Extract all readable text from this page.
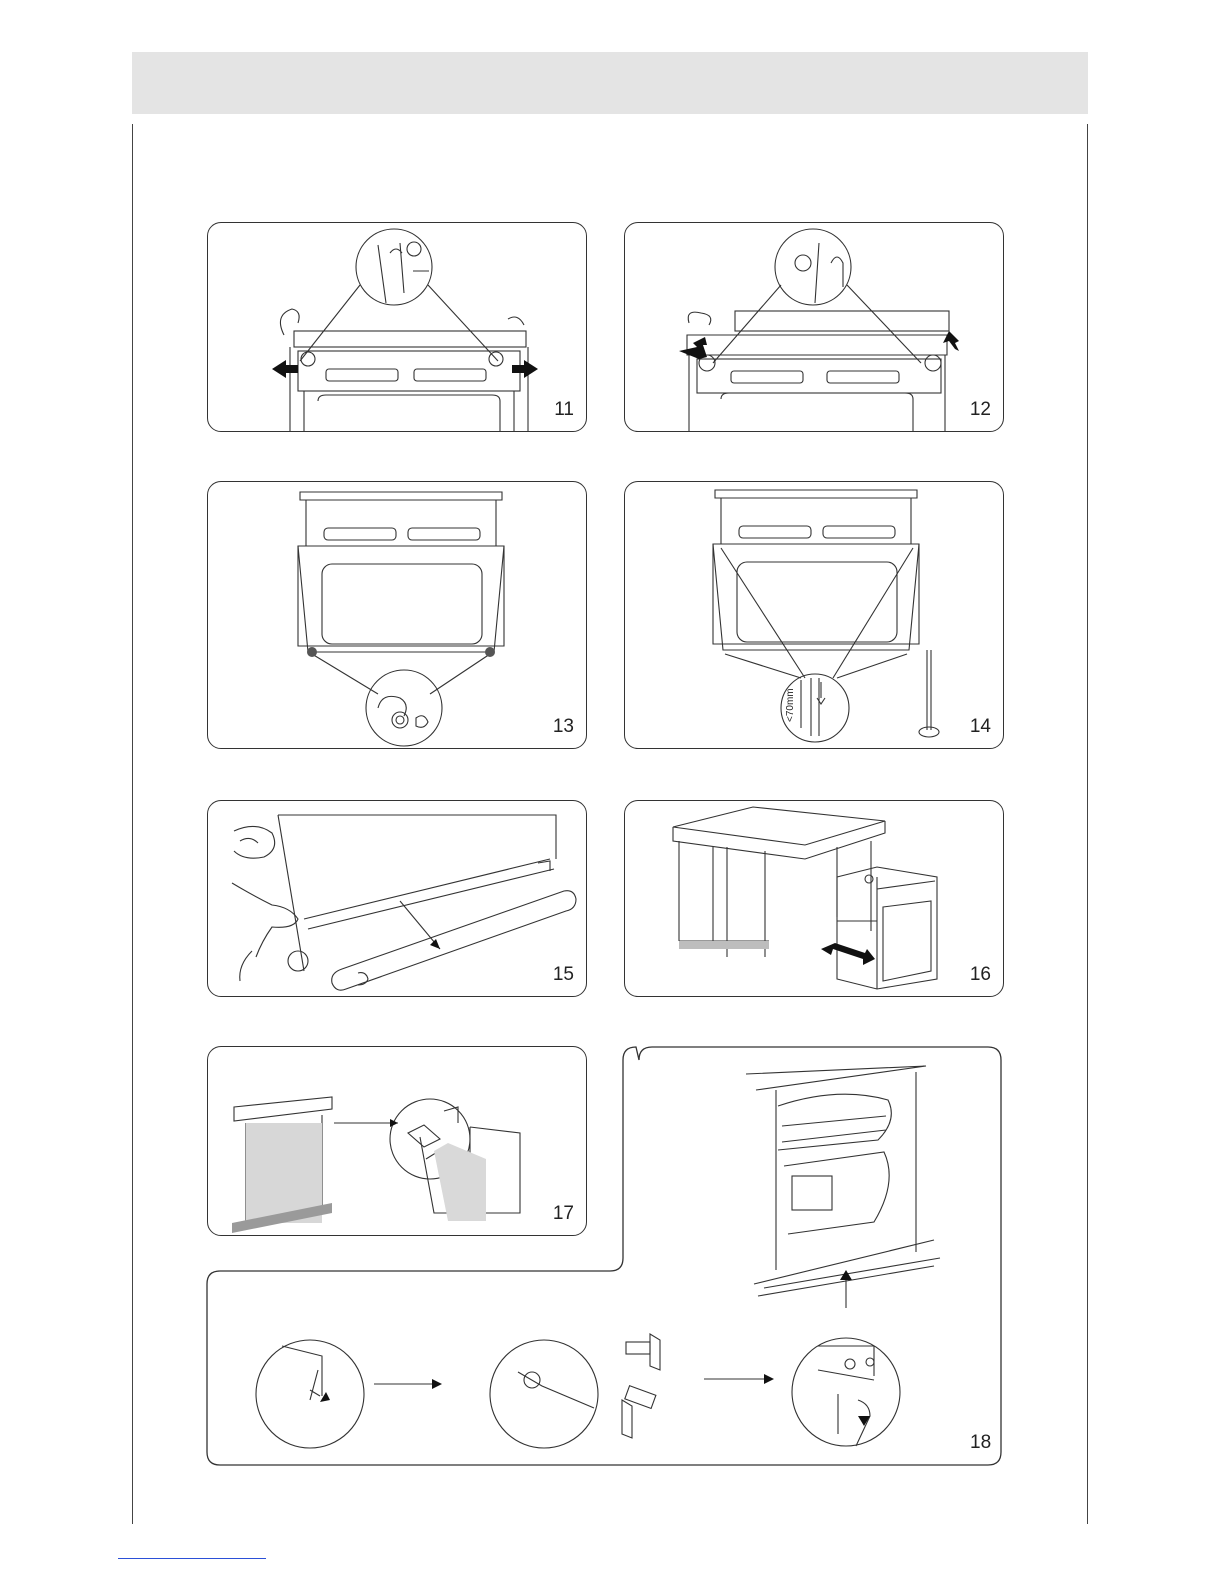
11	12
13
<70mm
14
15	16
17
18
